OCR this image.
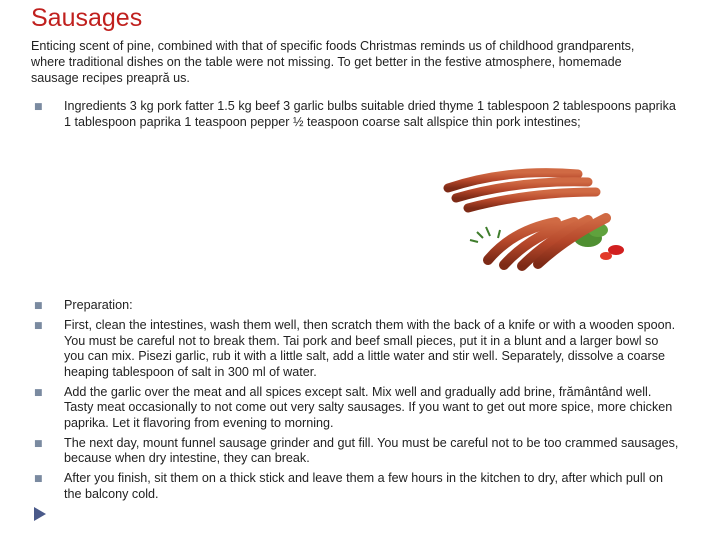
Sausages
Enticing scent of pine, combined with that of specific foods Christmas reminds us of childhood grandparents, where traditional dishes on the table were not missing. To get better in the festive atmosphere, homemade sausage recipes preapră us.
■ Ingredients 3 kg pork fatter 1.5 kg beef 3 garlic bulbs suitable dried thyme 1 tablespoon 2 tablespoons paprika 1 tablespoon paprika 1 teaspoon pepper ½ teaspoon coarse salt allspice thin pork intestines;
■ Preparation:
■ First, clean the intestines, wash them well, then scratch them with the back of a knife or with a wooden spoon. You must be careful not to break them. Tai pork and beef small pieces, put it in a blunt and a larger bowl so you can mix. Pisezi garlic, rub it with a little salt, add a little water and stir well. Separately, dissolve a coarse heaping tablespoon of salt in 300 ml of water.
■ Add the garlic over the meat and all spices except salt. Mix well and gradually add brine, frământând well. Tasty meat occasionally to not come out very salty sausages. If you want to get out more spice, more chicken paprika. Let it flavoring from evening to morning.
■ The next day, mount funnel sausage grinder and gut fill. You must be careful not to be too crammed sausages, because when dry intestine, they can break.
■ After you finish, sit them on a thick stick and leave them a few hours in the kitchen to dry, after which pull on the balcony cold.
